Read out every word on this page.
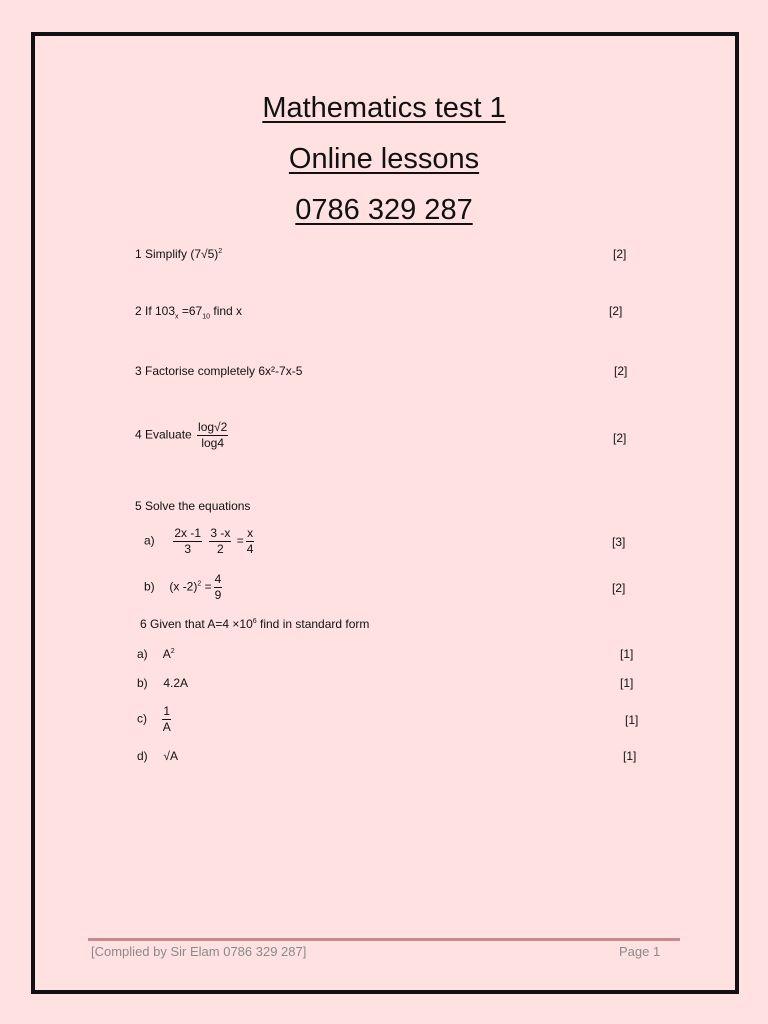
Mathematics test 1
Online lessons
0786 329 287
1 Simplify $(7√5)^2$	[2]
2 If $103_x =67_{10}$ find x	[2]
3 Factorise completely 6x²-7x-5	[2]
4 Evaluate $\frac{\log√2}{\log 4}$	[2]
5 Solve the equations
$a) \frac{2x -1}{3}$
$\frac{3 -x}{2} = \frac{x}{4}$	[3]
b) (x $-2)^2 = \frac{4}{9}$	[2]
6 Given that $A=4 \times 10^6$ find in standard form
a) $A^2$	[1]
b) 4.2A	[1]
$c) \frac{1}{A}$	[1]
d) √A	[1]
[Complied by Sir Elam 0786 329 287]	Page 1
